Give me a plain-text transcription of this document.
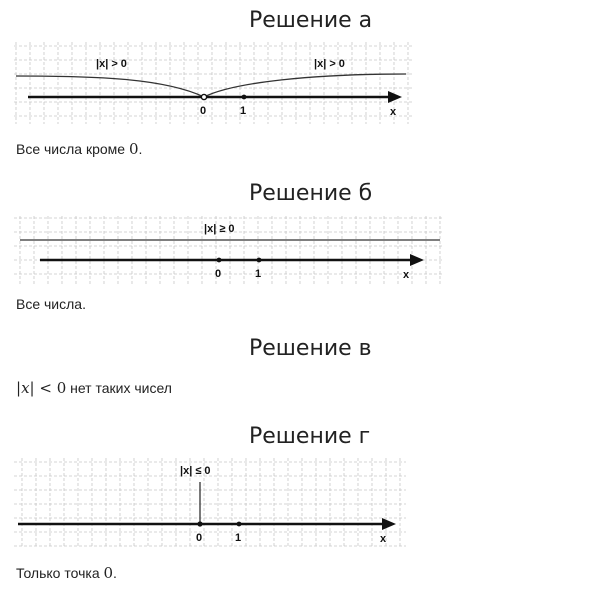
Решение а
|x| > 0	|x| > 0
0	1	x

Все числа кроме 0.

Решение б
|x| ≥ 0
0	1	x

Все числа.

Решение в

|x| < 0 нет таких чисел

Решение г
|x| ≤ 0
0	1	x

Только точка 0.
